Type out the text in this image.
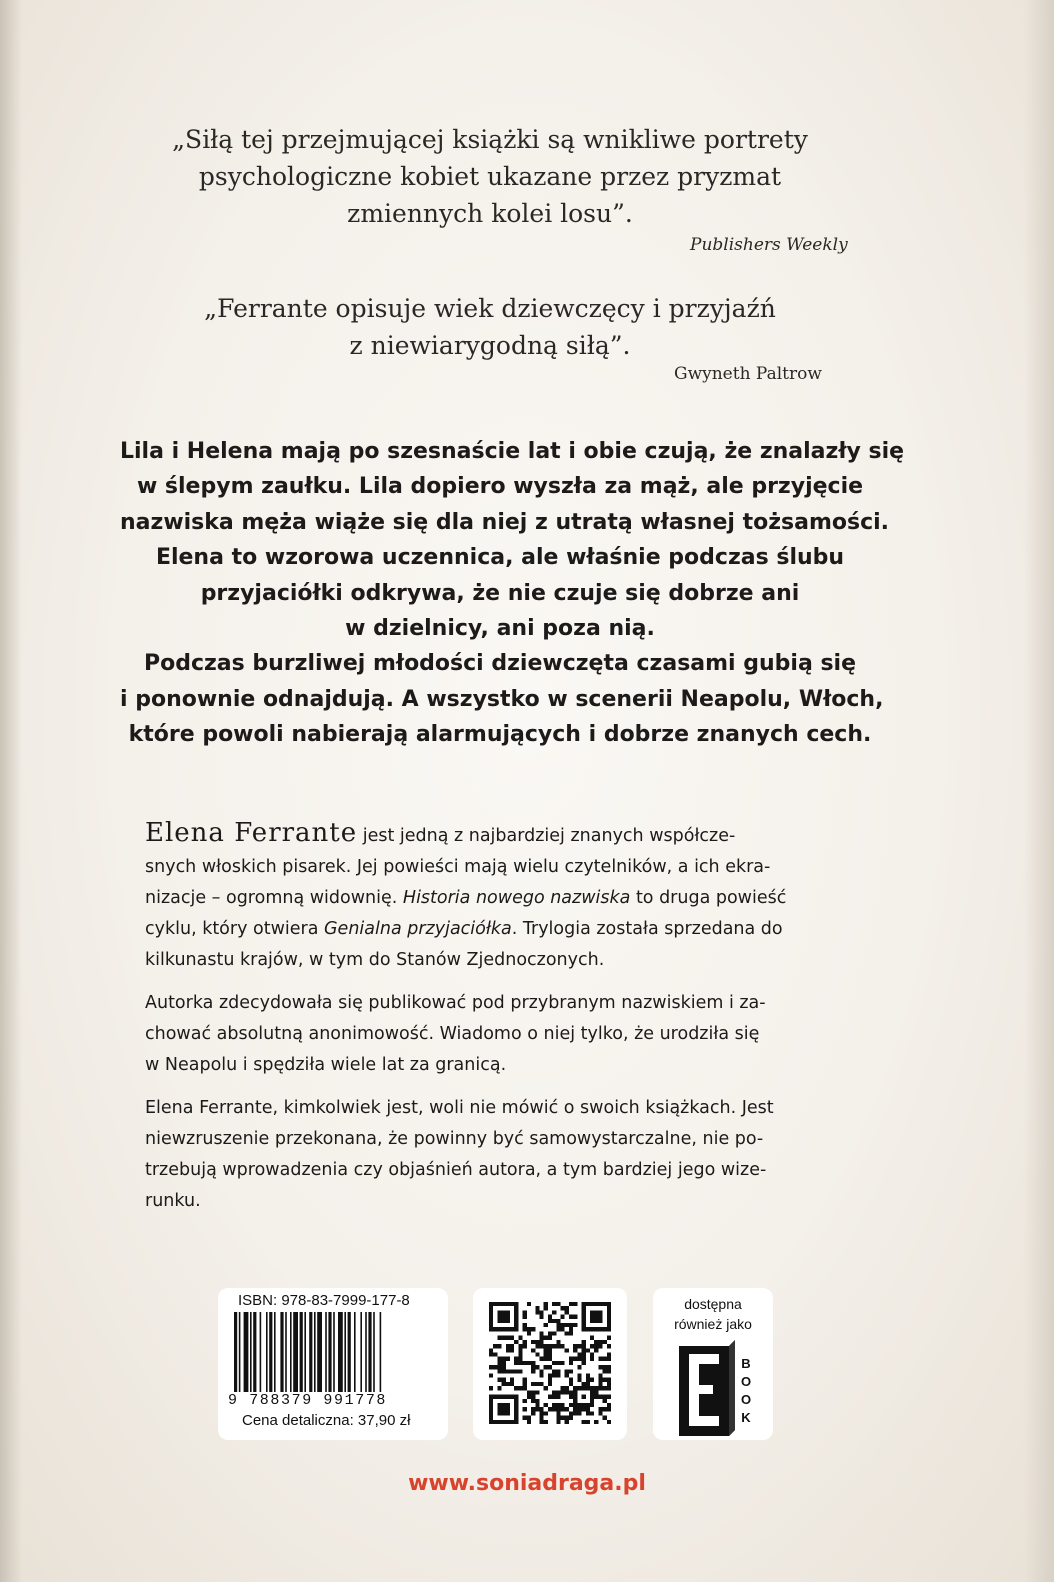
„Siłą tej przejmującej książki są wnikliwe portrety
psychologiczne kobiet ukazane przez pryzmat
zmiennych kolei losu”.
Publishers Weekly
„Ferrante opisuje wiek dziewczęcy i przyjaźń
z niewiarygodną siłą”.
Gwyneth Paltrow
Lila i Helena mają po szesnaście lat i obie czują, że znalazły się
w ślepym zaułku. Lila dopiero wyszła za mąż, ale przyjęcie
nazwiska męża wiąże się dla niej z utratą własnej tożsamości.
Elena to wzorowa uczennica, ale właśnie podczas ślubu
przyjaciółki odkrywa, że nie czuje się dobrze ani
w dzielnicy, ani poza nią.
Podczas burzliwej młodości dziewczęta czasami gubią się
i ponownie odnajdują. A wszystko w scenerii Neapolu, Włoch,
które powoli nabierają alarmujących i dobrze znanych cech.
Elena Ferrante jest jedną z najbardziej znanych współcze-
snych włoskich pisarek. Jej powieści mają wielu czytelników, a ich ekra-
nizacje – ogromną widownię. Historia nowego nazwiska to druga powieść
cyklu, który otwiera Genialna przyjaciółka. Trylogia została sprzedana do
kilkunastu krajów, w tym do Stanów Zjednoczonych.
Autorka zdecydowała się publikować pod przybranym nazwiskiem i za-
chować absolutną anonimowość. Wiadomo o niej tylko, że urodziła się
w Neapolu i spędziła wiele lat za granicą.
Elena Ferrante, kimkolwiek jest, woli nie mówić o swoich książkach. Jest
niewzruszenie przekonana, że powinny być samowystarczalne, nie po-
trzebują wprowadzenia czy objaśnień autora, a tym bardziej jego wize-
runku.
ISBN: 978-83-7999-177-8
9 788379 991778
Cena detaliczna: 37,90 zł
dostępna
również jako
B
O
O
K
www.soniadraga.pl
